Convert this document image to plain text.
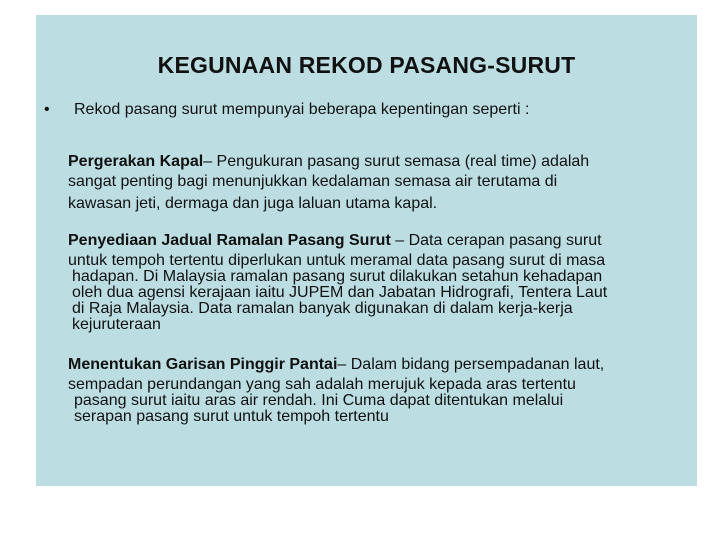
KEGUNAAN REKOD PASANG-SURUT
• Rekod pasang surut mempunyai beberapa kepentingan seperti :
Pergerakan Kapal– Pengukuran pasang surut semasa (real time) adalah
sangat penting bagi menunjukkan kedalaman semasa air terutama di
kawasan jeti, dermaga dan juga laluan utama kapal.
Penyediaan Jadual Ramalan Pasang Surut – Data cerapan pasang surut
untuk tempoh tertentu diperlukan untuk meramal data pasang surut di masa
hadapan. Di Malaysia ramalan pasang surut dilakukan setahun kehadapan
oleh dua agensi kerajaan iaitu JUPEM dan Jabatan Hidrografi, Tentera Laut
di Raja Malaysia. Data ramalan banyak digunakan di dalam kerja-kerja
kejuruteraan
Menentukan Garisan Pinggir Pantai– Dalam bidang persempadanan laut,
sempadan perundangan yang sah adalah merujuk kepada aras tertentu
pasang surut iaitu aras air rendah. Ini Cuma dapat ditentukan melalui
serapan pasang surut untuk tempoh tertentu
